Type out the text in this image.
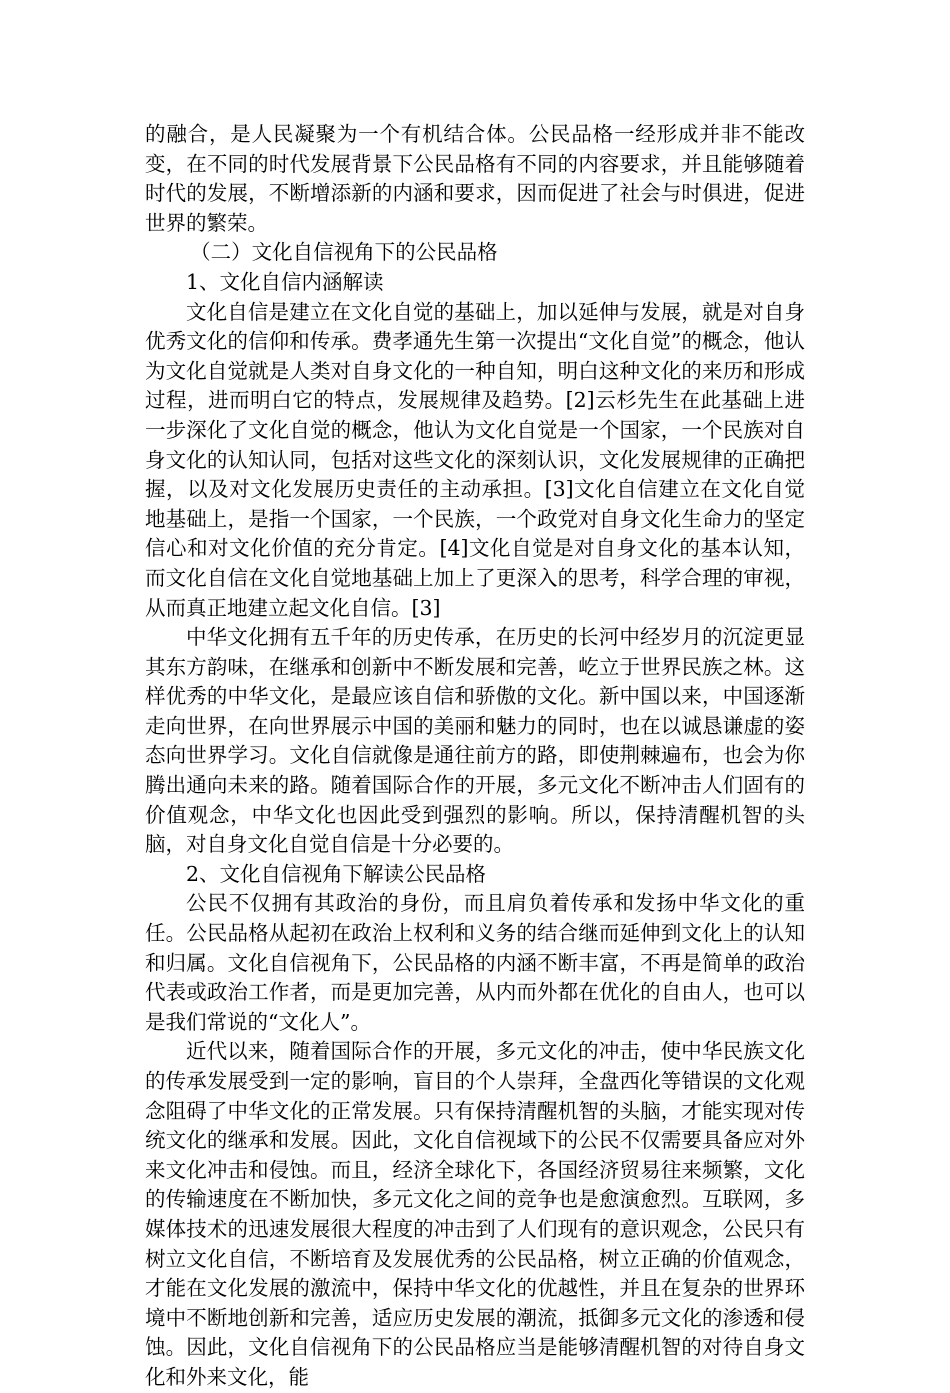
的融合，是人民凝聚为一个有机结合体。公民品格一经形成并非不能改变，在不同的时代发展背景下公民品格有不同的内容要求，并且能够随着时代的发展，不断增添新的内涵和要求，因而促进了社会与时俱进，促进世界的繁荣。

（二）文化自信视角下的公民品格

1、文化自信内涵解读

文化自信是建立在文化自觉的基础上，加以延伸与发展，就是对自身优秀文化的信仰和传承。费孝通先生第一次提出“文化自觉”的概念，他认为文化自觉就是人类对自身文化的一种自知，明白这种文化的来历和形成过程，进而明白它的特点，发展规律及趋势。[2]云杉先生在此基础上进一步深化了文化自觉的概念，他认为文化自觉是一个国家，一个民族对自身文化的认知认同，包括对这些文化的深刻认识，文化发展规律的正确把握，以及对文化发展历史责任的主动承担。[3]文化自信建立在文化自觉地基础上，是指一个国家，一个民族，一个政党对自身文化生命力的坚定信心和对文化价值的充分肯定。[4]文化自觉是对自身文化的基本认知，而文化自信在文化自觉地基础上加上了更深入的思考，科学合理的审视，从而真正地建立起文化自信。[3]

中华文化拥有五千年的历史传承，在历史的长河中经岁月的沉淀更显其东方韵味，在继承和创新中不断发展和完善，屹立于世界民族之林。这样优秀的中华文化，是最应该自信和骄傲的文化。新中国以来，中国逐渐走向世界，在向世界展示中国的美丽和魅力的同时，也在以诚恳谦虚的姿态向世界学习。文化自信就像是通往前方的路，即使荆棘遍布，也会为你腾出通向未来的路。随着国际合作的开展，多元文化不断冲击人们固有的价值观念，中华文化也因此受到强烈的影响。所以，保持清醒机智的头脑，对自身文化自觉自信是十分必要的。

2、文化自信视角下解读公民品格

公民不仅拥有其政治的身份，而且肩负着传承和发扬中华文化的重任。公民品格从起初在政治上权利和义务的结合继而延伸到文化上的认知和归属。文化自信视角下，公民品格的内涵不断丰富，不再是简单的政治代表或政治工作者，而是更加完善，从内而外都在优化的自由人，也可以是我们常说的“文化人”。

近代以来，随着国际合作的开展，多元文化的冲击，使中华民族文化的传承发展受到一定的影响，盲目的个人崇拜，全盘西化等错误的文化观念阻碍了中华文化的正常发展。只有保持清醒机智的头脑，才能实现对传统文化的继承和发展。因此，文化自信视域下的公民不仅需要具备应对外来文化冲击和侵蚀。而且，经济全球化下，各国经济贸易往来频繁，文化的传输速度在不断加快，多元文化之间的竞争也是愈演愈烈。互联网，多媒体技术的迅速发展很大程度的冲击到了人们现有的意识观念，公民只有树立文化自信，不断培育及发展优秀的公民品格，树立正确的价值观念，才能在文化发展的激流中，保持中华文化的优越性，并且在复杂的世界环境中不断地创新和完善，适应历史发展的潮流，抵御多元文化的渗透和侵蚀。因此，文化自信视角下的公民品格应当是能够清醒机智的对待自身文化和外来文化，能
